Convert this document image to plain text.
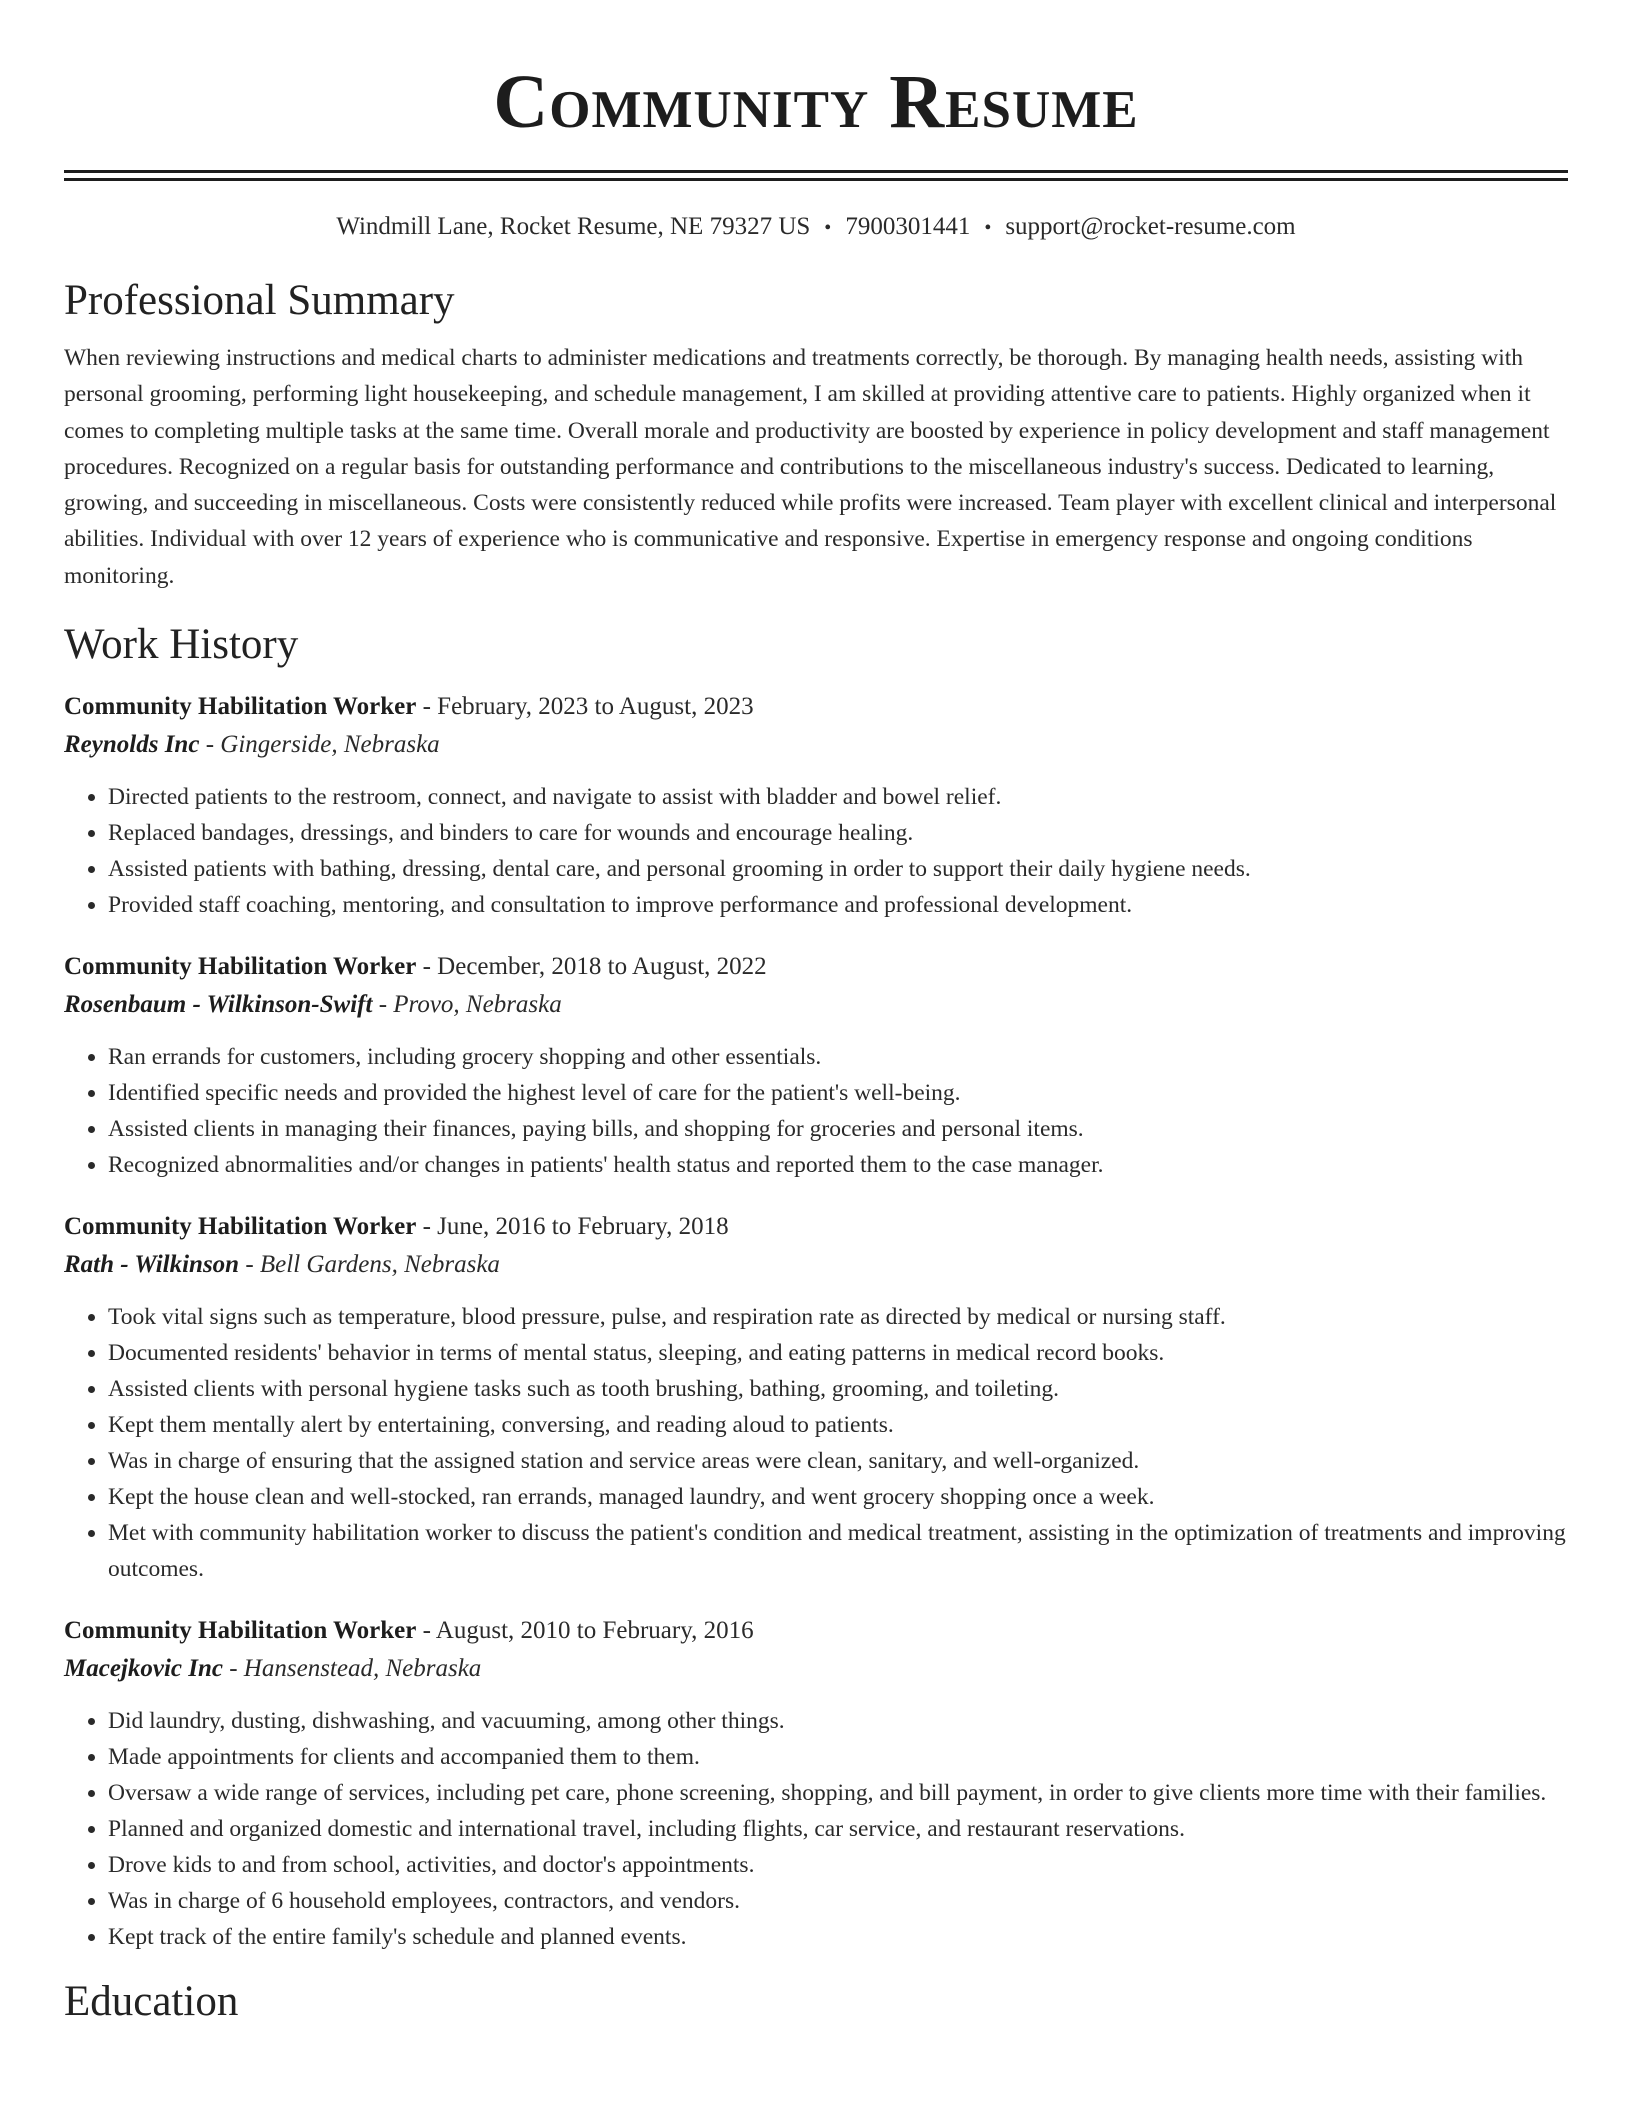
Community Resume
Windmill Lane, Rocket Resume, NE 79327 US • 7900301441 • support@rocket-resume.com
Professional Summary
When reviewing instructions and medical charts to administer medications and treatments correctly, be thorough. By managing health needs, assisting with personal grooming, performing light housekeeping, and schedule management, I am skilled at providing attentive care to patients. Highly organized when it comes to completing multiple tasks at the same time. Overall morale and productivity are boosted by experience in policy development and staff management procedures. Recognized on a regular basis for outstanding performance and contributions to the miscellaneous industry's success. Dedicated to learning, growing, and succeeding in miscellaneous. Costs were consistently reduced while profits were increased. Team player with excellent clinical and interpersonal abilities. Individual with over 12 years of experience who is communicative and responsive. Expertise in emergency response and ongoing conditions monitoring.
Work History
Community Habilitation Worker - February, 2023 to August, 2023
Reynolds Inc - Gingerside, Nebraska
• Directed patients to the restroom, connect, and navigate to assist with bladder and bowel relief.
• Replaced bandages, dressings, and binders to care for wounds and encourage healing.
• Assisted patients with bathing, dressing, dental care, and personal grooming in order to support their daily hygiene needs.
• Provided staff coaching, mentoring, and consultation to improve performance and professional development.
Community Habilitation Worker - December, 2018 to August, 2022
Rosenbaum - Wilkinson-Swift - Provo, Nebraska
• Ran errands for customers, including grocery shopping and other essentials.
• Identified specific needs and provided the highest level of care for the patient's well-being.
• Assisted clients in managing their finances, paying bills, and shopping for groceries and personal items.
• Recognized abnormalities and/or changes in patients' health status and reported them to the case manager.
Community Habilitation Worker - June, 2016 to February, 2018
Rath - Wilkinson - Bell Gardens, Nebraska
• Took vital signs such as temperature, blood pressure, pulse, and respiration rate as directed by medical or nursing staff.
• Documented residents' behavior in terms of mental status, sleeping, and eating patterns in medical record books.
• Assisted clients with personal hygiene tasks such as tooth brushing, bathing, grooming, and toileting.
• Kept them mentally alert by entertaining, conversing, and reading aloud to patients.
• Was in charge of ensuring that the assigned station and service areas were clean, sanitary, and well-organized.
• Kept the house clean and well-stocked, ran errands, managed laundry, and went grocery shopping once a week.
• Met with community habilitation worker to discuss the patient's condition and medical treatment, assisting in the optimization of treatments and improving outcomes.
Community Habilitation Worker - August, 2010 to February, 2016
Macejkovic Inc - Hansenstead, Nebraska
• Did laundry, dusting, dishwashing, and vacuuming, among other things.
• Made appointments for clients and accompanied them to them.
• Oversaw a wide range of services, including pet care, phone screening, shopping, and bill payment, in order to give clients more time with their families.
• Planned and organized domestic and international travel, including flights, car service, and restaurant reservations.
• Drove kids to and from school, activities, and doctor's appointments.
• Was in charge of 6 household employees, contractors, and vendors.
• Kept track of the entire family's schedule and planned events.
Education
